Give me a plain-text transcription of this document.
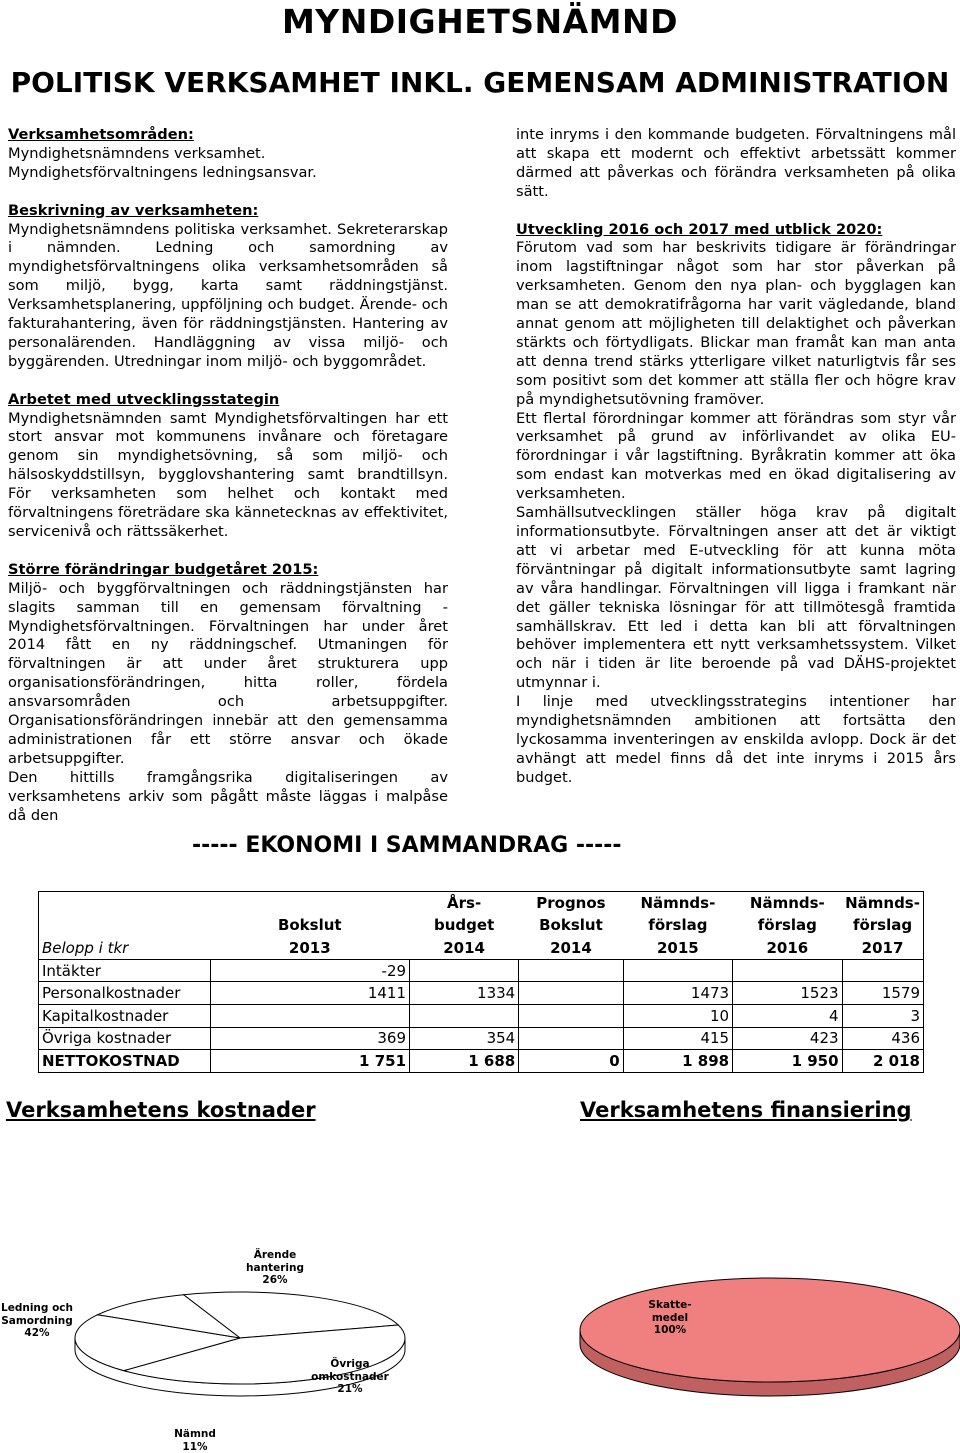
MYNDIGHETSNÄMND
POLITISK VERKSAMHET INKL. GEMENSAM ADMINISTRATION
Verksamhetsområden:

Myndighetsnämndens verksamhet.

Myndighetsförvaltningens ledningsansvar.

Beskrivning av verksamheten:

Myndighetsnämndens politiska verksamhet. Sekreterarskap i nämnden. Ledning och samordning av myndighetsförvaltningens olika verksamhetsområden så som miljö, bygg, karta samt räddningstjänst. Verksamhetsplanering, uppföljning och budget. Ärende- och fakturahantering, även för räddningstjänsten. Hantering av personalärenden. Handläggning av vissa miljö- och byggärenden. Utredningar inom miljö- och byggområdet.

Arbetet med utvecklingsstategin

Myndighetsnämnden samt Myndighetsförvaltingen har ett stort ansvar mot kommunens invånare och företagare genom sin myndighetsövning, så som miljö- och hälsoskyddstillsyn, bygglovshantering samt brandtillsyn. För verksamheten som helhet och kontakt med förvaltningens företrädare ska kännetecknas av effektivitet, servicenivå och rättssäkerhet.

Större förändringar budgetåret 2015:

Miljö- och byggförvaltningen och räddningstjänsten har slagits samman till en gemensam förvaltning - Myndighetsförvaltningen. Förvaltningen har under året 2014 fått en ny räddningschef. Utmaningen för förvaltningen är att under året strukturera upp organisationsförändringen, hitta roller, fördela ansvarsområden och arbetsuppgifter. Organisationsförändringen innebär att den gemensamma administrationen får ett större ansvar och ökade arbetsuppgifter.

Den hittills framgångsrika digitaliseringen av verksamhetens arkiv som pågått måste läggas i malpåse då den

inte inryms i den kommande budgeten. Förvaltningens mål att skapa ett modernt och effektivt arbetssätt kommer därmed att påverkas och förändra verksamheten på olika sätt.

Utveckling 2016 och 2017 med utblick 2020:

Förutom vad som har beskrivits tidigare är förändringar inom lagstiftningar något som har stor påverkan på verksamheten. Genom den nya plan- och bygglagen kan man se att demokratifrågorna har varit vägledande, bland annat genom att möjligheten till delaktighet och påverkan stärkts och förtydligats. Blickar man framåt kan man anta att denna trend stärks ytterligare vilket naturligtvis får ses som positivt som det kommer att ställa fler och högre krav på myndighetsutövning framöver.

Ett flertal förordningar kommer att förändras som styr vår verksamhet på grund av införlivandet av olika EU-förordningar i vår lagstiftning. Byråkratin kommer att öka som endast kan motverkas med en ökad digitalisering av verksamheten.

Samhällsutvecklingen ställer höga krav på digitalt informationsutbyte. Förvaltningen anser att det är viktigt att vi arbetar med E-utveckling för att kunna möta förväntningar på digitalt informationsutbyte samt lagring av våra handlingar. Förvaltningen vill ligga i framkant när det gäller tekniska lösningar för att tillmötesgå framtida samhällskrav. Ett led i detta kan bli att förvaltningen behöver implementera ett nytt verksamhetssystem. Vilket och när i tiden är lite beroende på vad DÄHS-projektet utmynnar i.

I linje med utvecklingsstrategins intentioner har myndighetsnämnden ambitionen att fortsätta den lyckosamma inventeringen av enskilda avlopp. Dock är det avhängt att medel finns då det inte inryms i 2015 års budget.

----- EKONOMI I SAMMANDRAG -----
		Års-	Prognos	Nämnds-	Nämnds-	Nämnds-
	Bokslut	budget	Bokslut	förslag	förslag	förslag
Belopp i tkr	2013	2014	2014	2015	2016	2017
Intäkter	-29					
Personalkostnader	1411	1334		1473	1523	1579
Kapitalkostnader				10	4	3
Övriga kostnader	369	354		415	423	436
NETTOKOSTNAD	1 751	1 688	0	1 898	1 950	2 018
Verksamhetens kostnader	Verksamhetens finansiering
Ärende
hantering
26%
Ledning och
Samordning
42%
Övriga
omkostnader
21%
Nämnd
11%
Skatte-
medel
100%
